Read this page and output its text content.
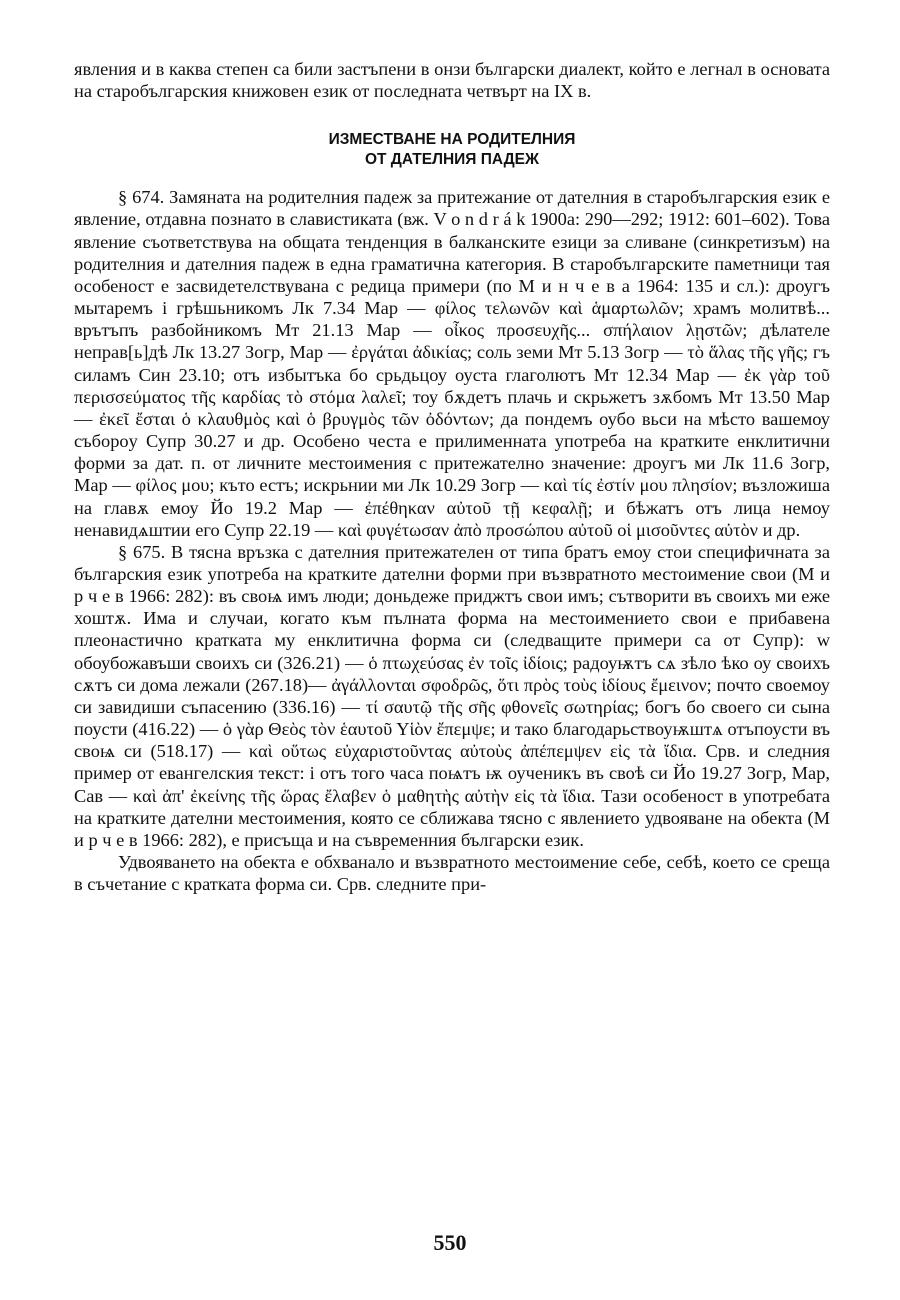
явления и в каква степен са били застъпени в онзи български диалект, който е легнал в основата на старобългарския книжовен език от последната четвърт на IX в.

ИЗМЕСТВАНЕ НА РОДИТЕЛНИЯ
ОТ ДАТЕЛНИЯ ПАДЕЖ

§ 674. Замяната на родителния падеж за притежание от дателния в старобългарския език е явление, отдавна познато в славистиката (вж. V o n d r á k 1900a: 290—292; 1912: 601–602). Това явление съответствува на общата тенденция в балканските езици за сливане (синкретизъм) на родителния и дателния падеж в една граматична категория. В старобългарските паметници тая особеност е засвидетелствувана с редица примери (по М и н ч е в а 1964: 135 и сл.): дроугъ мытаремъ i грѣшьникомъ Лк 7.34 Мар — φίλος τελωνῶν καὶ ἁμαρτωλῶν; храмъ молитвѣ... врътъпъ разбойникомъ Мт 21.13 Мар — οἶκος προσευχῆς... σπήλαιον λῃστῶν; дѣлателе неправ[ь]дѣ Лк 13.27 Зогр, Мар — ἐργάται ἀδικίας; соль земи Мт 5.13 Зогр — τὸ ἅλας τῆς γῆς; гъ силамъ Син 23.10; отъ избытъка бо срьдьцоу оуста глаголютъ Мт 12.34 Мар — ἐκ γὰρ τοῦ περισσεύματος τῆς καρδίας τὸ στόμα λαλεῖ; тоу бѫдетъ плачь и скрьжетъ зѫбомъ Мт 13.50 Мар — ἐκεῖ ἔσται ὁ κλαυθμὸς καὶ ὁ βρυγμὸς τῶν ὀδόντων; да пондемъ оубо вьси на мѣсто вашемоу съборoу Супр 30.27 и др. Особено честа е прилименната употреба на кратките енклитични форми за дат. п. от личните местоимения с притежателно значение: дроугъ ми Лк 11.6 Зогр, Мар — φίλος μου; къто естъ; искрьнии ми Лк 10.29 Зогр — καὶ τίς ἐστίν μου πλησίον; възложиша на главѫ емоу Йо 19.2 Мар — ἐπέθηκαν αὐτοῦ τῇ κεφαλῇ; и бѣжатъ отъ лица немоу ненавидѧштии его Супр 22.19 — καὶ φυγέτωσαν ἀπὸ προσώπου αὐτοῦ οἱ μισοῦντες αὐτὸν и др.

§ 675. В тясна връзка с дателния притежателен от типа братъ емоу стои специфичната за българския език употреба на кратките дателни форми при възвратното местоимение свои (М и р ч е в 1966: 282): въ своѩ имъ люди; доньдеже приджтъ свои имъ; сътворити въ своихъ ми еже хоштѫ. Има и случаи, когато към пълната форма на местоимението свои е прибавена плеонастично кратката му енклитична форма си (следващите примери са от Супр): w обоубожавъши своихъ си (326.21) — ὁ πτωχεύσας ἐν τοῖς ἰδίοις; радоуѭтъ сѧ зѣло ѣко оу своихъ сѫтъ си дома лежали (267.18)— ἀγάλλονται σφοδρῶς, ὅτι πρὸς τοὺς ἰδίους ἔμεινον; почто своемоу си завидиши съпасению (336.16) — τί σαυτῷ τῆς σῆς φθονεῖς σωτηρίας; богъ бо своего си сына поусти (416.22) — ὁ γὰρ Θεὸς τὸν ἑαυτοῦ Υἱὸν ἔπεμψε; и тако благодарьствоуѭштѧ отъпоусти въ своѩ си (518.17) — καὶ οὕτως εὐχαριστοῦντας αὐτοὺς ἀπέπεμψεν εἰς τὰ ἴδια. Срв. и следния пример от евангелския текст: i отъ того часа поѩтъ ѭ оученикъ въ своѣ си Йо 19.27 Зогр, Мар, Сав — καὶ ἀπ' ἐκείνης τῆς ὥρας ἔλαβεν ὁ μαθητὴς αὐτὴν εἰς τὰ ἴδια. Тази особеност в употребата на кратките дателни местоимения, която се сближава тясно с явлението удвояване на обекта (М и р ч е в 1966: 282), е присъща и на съвременния български език.

Удвояването на обекта е обхванало и възвратното местоимение себе, себѣ, което се среща в съчетание с кратката форма си. Срв. следните при-

550
